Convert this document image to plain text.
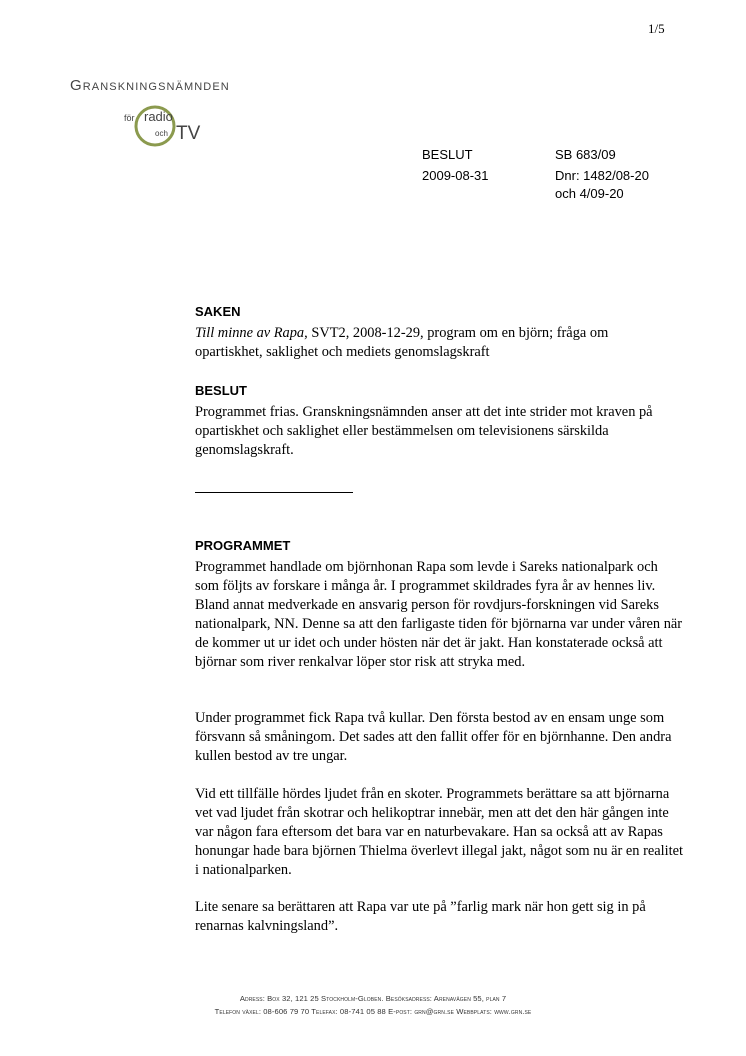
1/5
Granskningsnämnden
för radio
och TV
BESLUT	SB 683/09
2009-08-31	Dnr: 1482/08-20
och 4/09-20
SAKEN
Till minne av Rapa, SVT2, 2008-12-29, program om en björn; fråga om
opartiskhet, saklighet och mediets genomslagskraft
BESLUT
Programmet frias. Granskningsnämnden anser att det inte strider mot kraven på opartiskhet och saklighet eller bestämmelsen om televisionens särskilda genomslagskraft.
PROGRAMMET
Programmet handlade om björnhonan Rapa som levde i Sareks nationalpark och som följts av forskare i många år. I programmet skildrades fyra år av hennes liv. Bland annat medverkade en ansvarig person för rovdjurs-forskningen vid Sareks nationalpark, NN. Denne sa att den farligaste tiden för björnarna var under våren när de kommer ut ur idet och under hösten när det är jakt. Han konstaterade också att björnar som river renkalvar löper stor risk att stryka med.
Under programmet fick Rapa två kullar. Den första bestod av en ensam unge som försvann så småningom. Det sades att den fallit offer för en björnhanne. Den andra kullen bestod av tre ungar.
Vid ett tillfälle hördes ljudet från en skoter. Programmets berättare sa att björnarna vet vad ljudet från skotrar och helikoptrar innebär, men att det den här gången inte var någon fara eftersom det bara var en naturbevakare. Han sa också att av Rapas honungar hade bara björnen Thielma överlevt illegal jakt, något som nu är en realitet i nationalparken.
Lite senare sa berättaren att Rapa var ute på ”farlig mark när hon gett sig in på renarnas kalvningsland”.
Adress: Box 32, 121 25 Stockholm-Globen. Besöksadress: Arenavägen 55, plan 7
Telefon växel: 08-606 79 70 Telefax: 08-741 05 88 E-post: grn@grn.se Webbplats: www.grn.se
